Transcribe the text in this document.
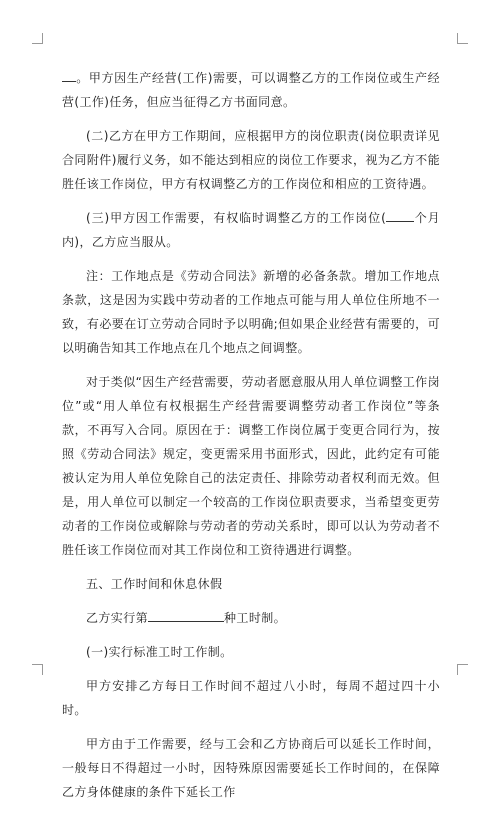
。甲方因生产经营(工作)需要，可以调整乙方的工作岗位或生产经营(工作)任务，但应当征得乙方书面同意。

(二)乙方在甲方工作期间，应根据甲方的岗位职责(岗位职责详见合同附件)履行义务，如不能达到相应的岗位工作要求，视为乙方不能胜任该工作岗位，甲方有权调整乙方的工作岗位和相应的工资待遇。

(三)甲方因工作需要，有权临时调整乙方的工作岗位( 个月内)，乙方应当服从。

注：工作地点是《劳动合同法》新增的必备条款。增加工作地点条款，这是因为实践中劳动者的工作地点可能与用人单位住所地不一致，有必要在订立劳动合同时予以明确;但如果企业经营有需要的，可以明确告知其工作地点在几个地点之间调整。

对于类似“因生产经营需要，劳动者愿意服从用人单位调整工作岗位”或“用人单位有权根据生产经营需要调整劳动者工作岗位”等条款，不再写入合同。原因在于：调整工作岗位属于变更合同行为，按照《劳动合同法》规定，变更需采用书面形式，因此，此约定有可能被认定为用人单位免除自己的法定责任、排除劳动者权利而无效。但是，用人单位可以制定一个较高的工作岗位职责要求，当希望变更劳动者的工作岗位或解除与劳动者的劳动关系时，即可以认为劳动者不胜任该工作岗位而对其工作岗位和工资待遇进行调整。

五、工作时间和休息休假

乙方实行第	种工时制。

(一)实行标准工时工作制。

甲方安排乙方每日工作时间不超过八小时，每周不超过四十小时。

甲方由于工作需要，经与工会和乙方协商后可以延长工作时间，一般每日不得超过一小时，因特殊原因需要延长工作时间的，在保障乙方身体健康的条件下延长工作
